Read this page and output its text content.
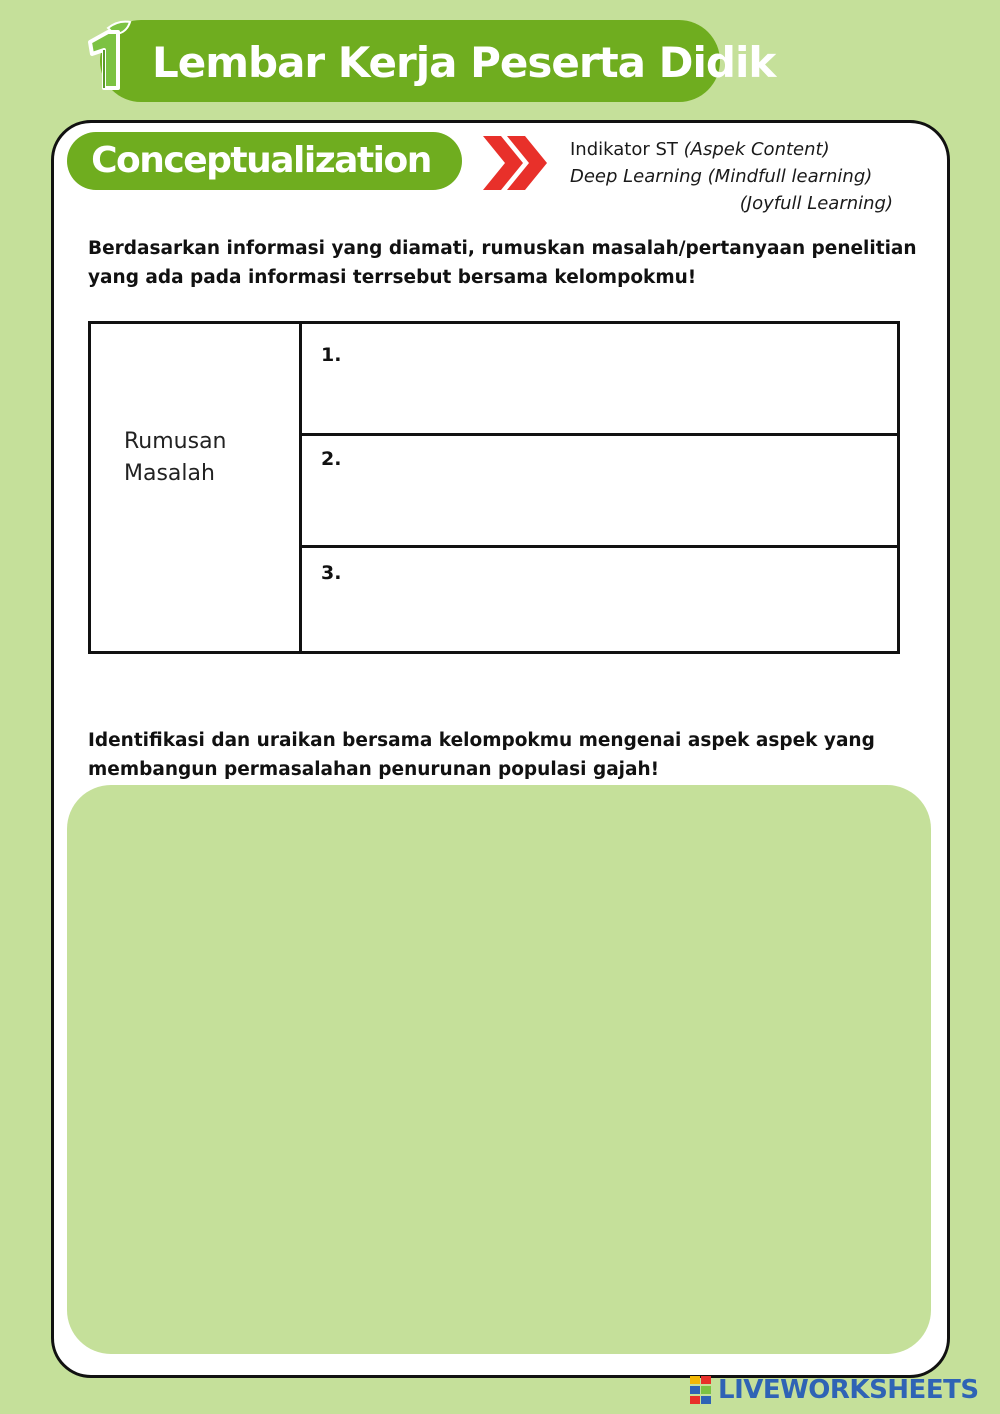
Lembar Kerja Peserta Didik
Conceptualization	Indikator ST (Aspek Content)
Deep Learning (Mindfull learning)
(Joyfull Learning)
Berdasarkan informasi yang diamati, rumuskan masalah/pertanyaan penelitian yang ada pada informasi terrsebut bersama kelompokmu!
Rumusan Masalah
1.
2.
3.
Identifikasi dan uraikan bersama kelompokmu mengenai aspek aspek yang membangun permasalahan penurunan populasi gajah!
LIVEWORKSHEETS
